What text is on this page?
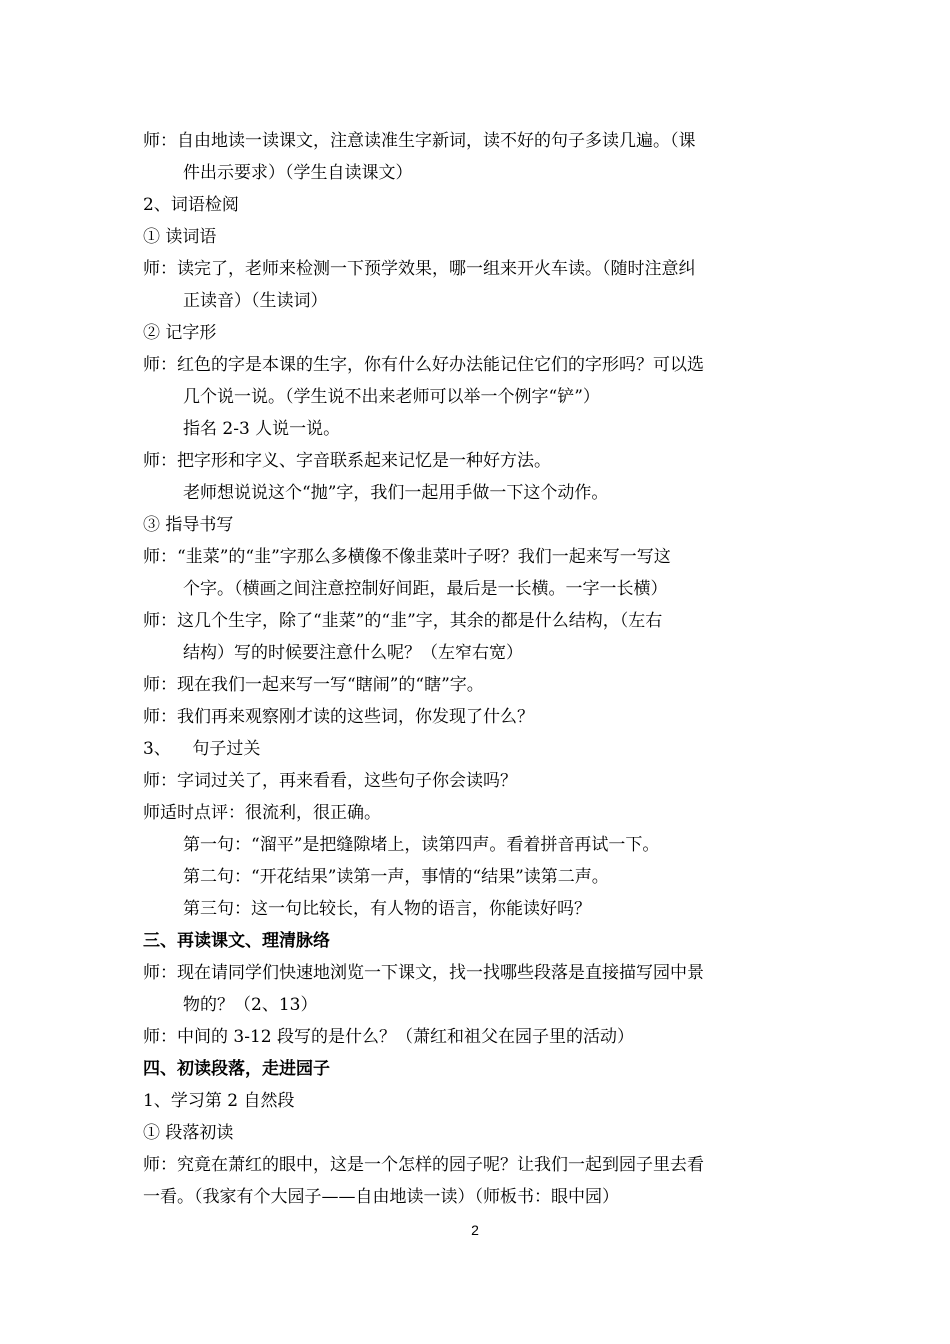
师：自由地读一读课文，注意读准生字新词，读不好的句子多读几遍。（课
件出示要求）（学生自读课文）
2、词语检阅
① 读词语
师：读完了，老师来检测一下预学效果，哪一组来开火车读。（随时注意纠
正读音）（生读词）
② 记字形
师：红色的字是本课的生字，你有什么好办法能记住它们的字形吗？可以选
几个说一说。（学生说不出来老师可以举一个例字“铲”）
指名 2-3 人说一说。
师：把字形和字义、字音联系起来记忆是一种好方法。
老师想说说这个“抛”字，我们一起用手做一下这个动作。
③ 指导书写
师：“韭菜”的“韭”字那么多横像不像韭菜叶子呀？我们一起来写一写这
个字。（横画之间注意控制好间距，最后是一长横。一字一长横）
师：这几个生字，除了“韭菜”的“韭”字，其余的都是什么结构，（左右
结构）写的时候要注意什么呢？（左窄右宽）
师：现在我们一起来写一写“瞎闹”的“瞎”字。
师：我们再来观察刚才读的这些词，你发现了什么？
3、    句子过关
师：字词过关了，再来看看，这些句子你会读吗？
师适时点评：很流利，很正确。
第一句：“溜平”是把缝隙堵上，读第四声。看着拼音再试一下。
第二句：“开花结果”读第一声，事情的“结果”读第二声。
第三句：这一句比较长，有人物的语言，你能读好吗？
三、再读课文、理清脉络
师：现在请同学们快速地浏览一下课文，找一找哪些段落是直接描写园中景
物的？（2、13）
师：中间的 3-12 段写的是什么？（萧红和祖父在园子里的活动）
四、初读段落，走进园子
1、学习第 2 自然段
① 段落初读
师：究竟在萧红的眼中，这是一个怎样的园子呢？让我们一起到园子里去看
一看。（我家有个大园子——自由地读一读）（师板书：眼中园）
2
